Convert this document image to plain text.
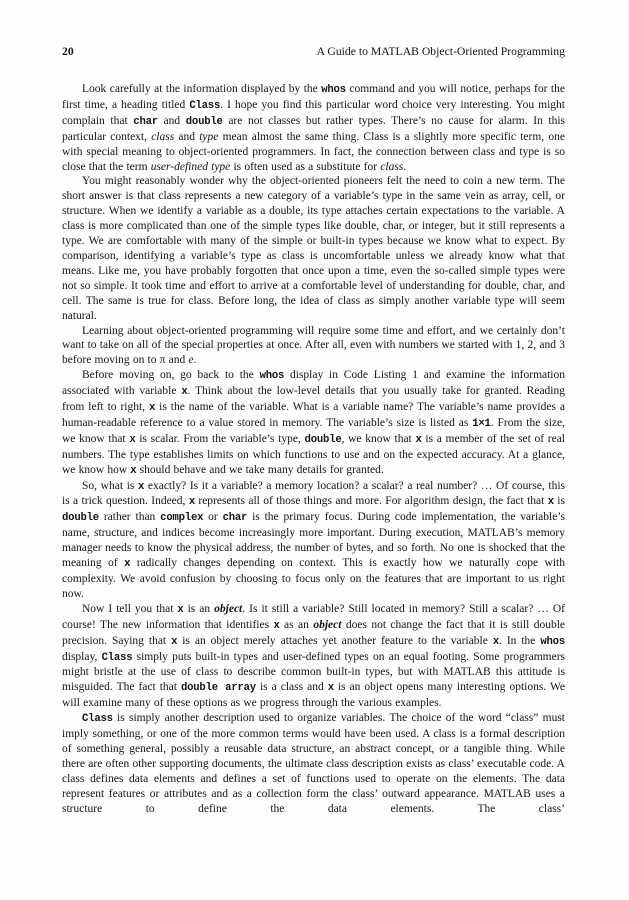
20	A Guide to MATLAB Object-Oriented Programming

Look carefully at the information displayed by the whos command and you will notice, perhaps for the first time, a heading titled Class. I hope you find this particular word choice very interesting. You might complain that char and double are not classes but rather types. There’s no cause for alarm. In this particular context, class and type mean almost the same thing. Class is a slightly more specific term, one with special meaning to object-oriented programmers. In fact, the connection between class and type is so close that the term user-defined type is often used as a substitute for class.

You might reasonably wonder why the object-oriented pioneers felt the need to coin a new term. The short answer is that class represents a new category of a variable’s type in the same vein as array, cell, or structure. When we identify a variable as a double, its type attaches certain expectations to the variable. A class is more complicated than one of the simple types like double, char, or integer, but it still represents a type. We are comfortable with many of the simple or built-in types because we know what to expect. By comparison, identifying a variable’s type as class is uncomfortable unless we already know what that means. Like me, you have probably forgotten that once upon a time, even the so-called simple types were not so simple. It took time and effort to arrive at a comfortable level of understanding for double, char, and cell. The same is true for class. Before long, the idea of class as simply another variable type will seem natural.

Learning about object-oriented programming will require some time and effort, and we certainly don’t want to take on all of the special properties at once. After all, even with numbers we started with 1, 2, and 3 before moving on to π and e.

Before moving on, go back to the whos display in Code Listing 1 and examine the information associated with variable x. Think about the low-level details that you usually take for granted. Reading from left to right, x is the name of the variable. What is a variable name? The variable’s name provides a human-readable reference to a value stored in memory. The variable’s size is listed as 1×1. From the size, we know that x is scalar. From the variable’s type, double, we know that x is a member of the set of real numbers. The type establishes limits on which functions to use and on the expected accuracy. At a glance, we know how x should behave and we take many details for granted.

So, what is x exactly? Is it a variable? a memory location? a scalar? a real number? … Of course, this is a trick question. Indeed, x represents all of those things and more. For algorithm design, the fact that x is double rather than complex or char is the primary focus. During code implementation, the variable’s name, structure, and indices become increasingly more important. During execution, MATLAB’s memory manager needs to know the physical address, the number of bytes, and so forth. No one is shocked that the meaning of x radically changes depending on context. This is exactly how we naturally cope with complexity. We avoid confusion by choosing to focus only on the features that are important to us right now.

Now I tell you that x is an object. Is it still a variable? Still located in memory? Still a scalar? … Of course! The new information that identifies x as an object does not change the fact that it is still double precision. Saying that x is an object merely attaches yet another feature to the variable x. In the whos display, Class simply puts built-in types and user-defined types on an equal footing. Some programmers might bristle at the use of class to describe common built-in types, but with MATLAB this attitude is misguided. The fact that double array is a class and x is an object opens many interesting options. We will examine many of these options as we progress through the various examples.

Class is simply another description used to organize variables. The choice of the word “class” must imply something, or one of the more common terms would have been used. A class is a formal description of something general, possibly a reusable data structure, an abstract concept, or a tangible thing. While there are often other supporting documents, the ultimate class description exists as class’ executable code. A class defines data elements and defines a set of functions used to operate on the elements. The data represent features or attributes and as a collection form the class’ outward appearance. MATLAB uses a structure to define the data elements. The class’
